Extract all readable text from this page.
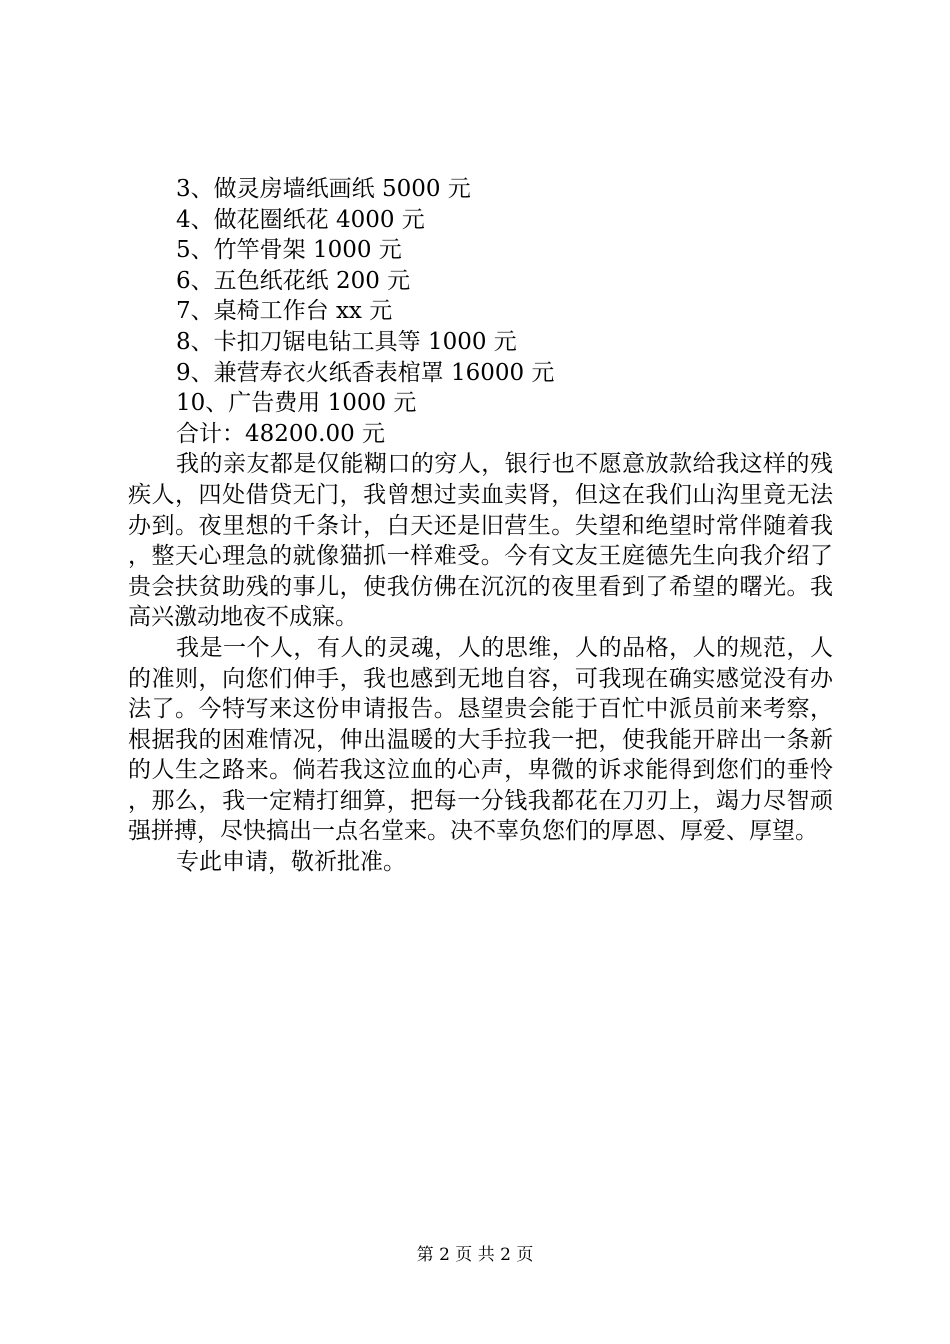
3、做灵房墙纸画纸 5000 元
4、做花圈纸花 4000 元
5、竹竿骨架 1000 元
6、五色纸花纸 200 元
7、桌椅工作台 xx 元
8、卡扣刀锯电钻工具等 1000 元
9、兼营寿衣火纸香表棺罩 16000 元
10、广告费用 1000 元
合计：48200.00 元

我的亲友都是仅能糊口的穷人，银行也不愿意放款给我这样的残疾人，四处借贷无门，我曾想过卖血卖肾，但这在我们山沟里竟无法办到。夜里想的千条计，白天还是旧营生。失望和绝望时常伴随着我，整天心理急的就像猫抓一样难受。今有文友王庭德先生向我介绍了贵会扶贫助残的事儿，使我仿佛在沉沉的夜里看到了希望的曙光。我高兴激动地夜不成寐。

我是一个人，有人的灵魂，人的思维，人的品格，人的规范，人的准则，向您们伸手，我也感到无地自容，可我现在确实感觉没有办法了。今特写来这份申请报告。恳望贵会能于百忙中派员前来考察，根据我的困难情况，伸出温暖的大手拉我一把，使我能开辟出一条新的人生之路来。倘若我这泣血的心声，卑微的诉求能得到您们的垂怜，那么，我一定精打细算，把每一分钱我都花在刀刃上，竭力尽智顽强拼搏，尽快搞出一点名堂来。决不辜负您们的厚恩、厚爱、厚望。

专此申请，敬祈批准。

第 2 页 共 2 页
